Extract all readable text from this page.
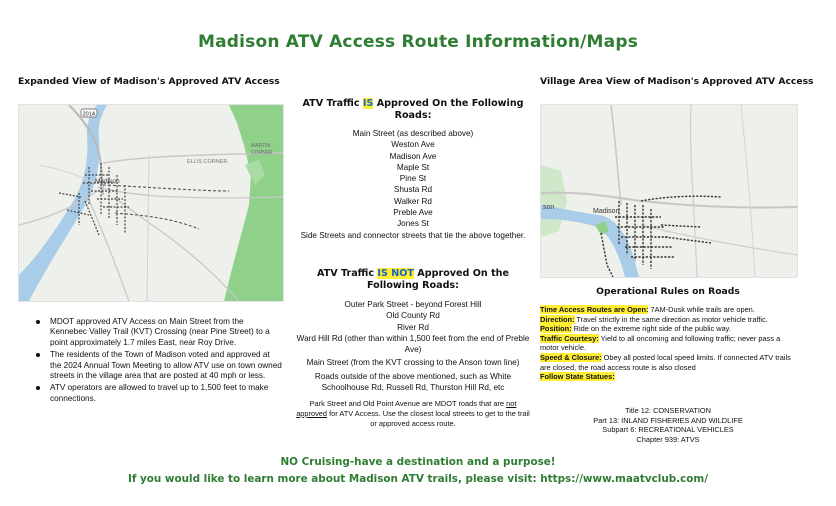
Madison ATV Access Route Information/Maps
Expanded View of Madison's Approved ATV Access
201A
Madison
ELLIS CORNER
MARTIN
CORNER
MDOT approved ATV Access on Main Street from the Kennebec Valley Trail (KVT) Crossing (near Pine Street) to a point approximately 1.7 miles East, near Roy Drive.
The residents of the Town of Madison voted and approved at the 2024 Annual Town Meeting to allow ATV use on town owned streets in the village area that are posted at 40 mph or less.
ATV operators are allowed to travel up to 1,500 feet to make connections.
ATV Traffic IS Approved On the Following Roads:
Main Street (as described above)
Weston Ave
Madison Ave
Maple St
Pine St
Shusta Rd
Walker Rd
Preble Ave
Jones St
Side Streets and connector streets that tie the above together.
ATV Traffic IS NOT Approved On the Following Roads:
Outer Park Street - beyond Forest Hill
Old County Rd
River Rd
Ward Hill Rd (other than within 1,500 feet from the end of Preble Ave)
Main Street (from the KVT crossing to the Anson town line)
Roads outside of the above mentioned, such as White Schoolhouse Rd, Russell Rd, Thurston Hill Rd, etc
Park Street and Old Point Avenue are MDOT roads that are not approved for ATV Access. Use the closest local streets to get to the trail or approved access route.
Village Area View of Madison's Approved ATV Access
son
Madison
Operational Rules on Roads
Time Access Routes are Open: 7AM-Dusk while trails are open.
Direction: Travel strictly in the same direction as motor vehicle traffic.
Position: Ride on the extreme right side of the public way.
Traffic Courtesy: Yield to all oncoming and following traffic; never pass a motor vehicle.
Speed & Closure: Obey all posted local speed limits. If connected ATV trails are closed, the road access route is also closed
Follow State Statues:
Title 12: CONSERVATION
Part 13: INLAND FISHERIES AND WILDLIFE
Subpart 6: RECREATIONAL VEHICLES
Chapter 939: ATVS
NO Cruising-have a destination and a purpose!
If you would like to learn more about Madison ATV trails, please visit: https://www.maatvclub.com/
